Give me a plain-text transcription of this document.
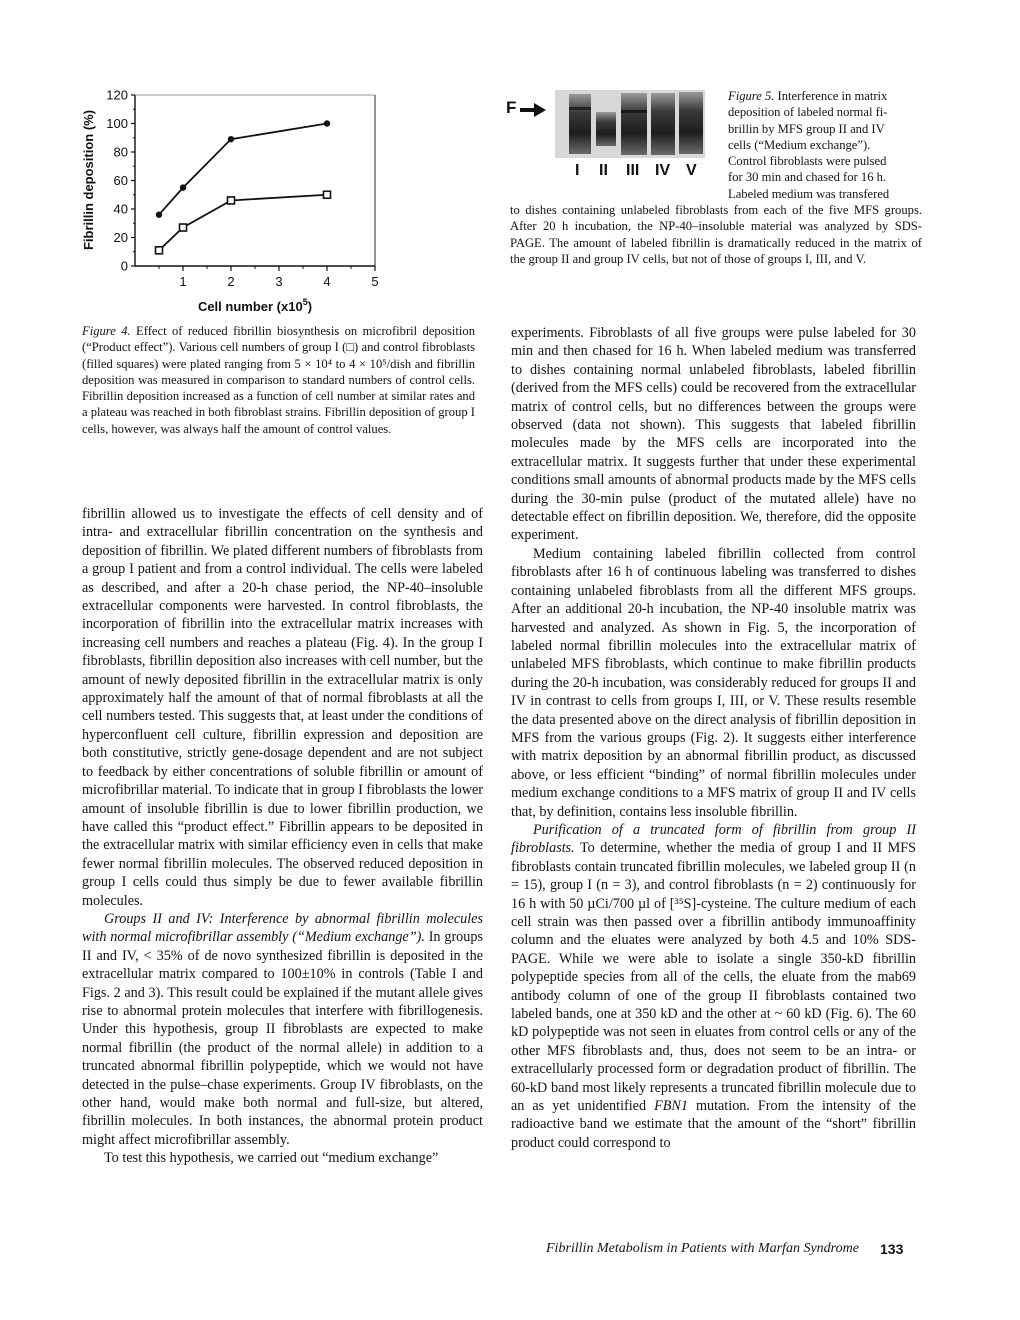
Fibrillin deposition (%)
0
20
40
60
80
100
120
1	2	3	4	5
Cell number $(x10^5)$
Figure 4. Effect of reduced fibrillin biosynthesis on microfibril deposition (“Product effect”). Various cell numbers of group I (□) and control fibroblasts (filled squares) were plated ranging from 5 × 10⁴ to 4 × 10⁵/dish and fibrillin deposition was measured in comparison to standard numbers of control cells. Fibrillin deposition increased as a function of cell number at similar rates and a plateau was reached in both fibroblast strains. Fibrillin deposition of group I cells, however, was always half the amount of control values.
F
I II III IV V
Figure 5. Interference in matrix
deposition of labeled normal fi-
brillin by MFS group II and IV
cells (“Medium exchange”).
Control fibroblasts were pulsed
for 30 min and chased for 16 h.
Labeled medium was transfered
to dishes containing unlabeled fibroblasts from each of the five MFS groups. After 20 h incubation, the NP-40–insoluble material was analyzed by SDS-PAGE. The amount of labeled fibrillin is dramatically reduced in the matrix of the group II and group IV cells, but not of those of groups I, III, and V.

fibrillin allowed us to investigate the effects of cell density and of intra- and extracellular fibrillin concentration on the synthesis and deposition of fibrillin. We plated different numbers of fibroblasts from a group I patient and from a control individual. The cells were labeled as described, and after a 20-h chase period, the NP-40–insoluble extracellular components were harvested. In control fibroblasts, the incorporation of fibrillin into the extracellular matrix increases with increasing cell numbers and reaches a plateau (Fig. 4). In the group I fibroblasts, fibrillin deposition also increases with cell number, but the amount of newly deposited fibrillin in the extracellular matrix is only approximately half the amount of that of normal fibroblasts at all the cell numbers tested. This suggests that, at least under the conditions of hyperconfluent cell culture, fibrillin expression and deposition are both constitutive, strictly gene-dosage dependent and are not subject to feedback by either concentrations of soluble fibrillin or amount of microfibrillar material. To indicate that in group I fibroblasts the lower amount of insoluble fibrillin is due to lower fibrillin production, we have called this “product effect.” Fibrillin appears to be deposited in the extracellular matrix with similar efficiency even in cells that make fewer normal fibrillin molecules. The observed reduced deposition in group I cells could thus simply be due to fewer available fibrillin molecules.

Groups II and IV: Interference by abnormal fibrillin molecules with normal microfibrillar assembly (“Medium exchange”). In groups II and IV, < 35% of de novo synthesized fibrillin is deposited in the extracellular matrix compared to 100±10% in controls (Table I and Figs. 2 and 3). This result could be explained if the mutant allele gives rise to abnormal protein molecules that interfere with fibrillogenesis. Under this hypothesis, group II fibroblasts are expected to make normal fibrillin (the product of the normal allele) in addition to a truncated abnormal fibrillin polypeptide, which we would not have detected in the pulse–chase experiments. Group IV fibroblasts, on the other hand, would make both normal and full-size, but altered, fibrillin molecules. In both instances, the abnormal protein product might affect microfibrillar assembly.

To test this hypothesis, we carried out “medium exchange”

experiments. Fibroblasts of all five groups were pulse labeled for 30 min and then chased for 16 h. When labeled medium was transferred to dishes containing normal unlabeled fibroblasts, labeled fibrillin (derived from the MFS cells) could be recovered from the extracellular matrix of control cells, but no differences between the groups were observed (data not shown). This suggests that labeled fibrillin molecules made by the MFS cells are incorporated into the extracellular matrix. It suggests further that under these experimental conditions small amounts of abnormal products made by the MFS cells during the 30-min pulse (product of the mutated allele) have no detectable effect on fibrillin deposition. We, therefore, did the opposite experiment.

Medium containing labeled fibrillin collected from control fibroblasts after 16 h of continuous labeling was transferred to dishes containing unlabeled fibroblasts from all the different MFS groups. After an additional 20-h incubation, the NP-40 insoluble matrix was harvested and analyzed. As shown in Fig. 5, the incorporation of labeled normal fibrillin molecules into the extracellular matrix of unlabeled MFS fibroblasts, which continue to make fibrillin products during the 20-h incubation, was considerably reduced for groups II and IV in contrast to cells from groups I, III, or V. These results resemble the data presented above on the direct analysis of fibrillin deposition in MFS from the various groups (Fig. 2). It suggests either interference with matrix deposition by an abnormal fibrillin product, as discussed above, or less efficient “binding” of normal fibrillin molecules under medium exchange conditions to a MFS matrix of group II and IV cells that, by definition, contains less insoluble fibrillin.

Purification of a truncated form of fibrillin from group II fibroblasts. To determine, whether the media of group I and II MFS fibroblasts contain truncated fibrillin molecules, we labeled group II (n = 15), group I (n = 3), and control fibroblasts (n = 2) continuously for 16 h with 50 µCi/700 µl of [³⁵S]-cysteine. The culture medium of each cell strain was then passed over a fibrillin antibody immunoaffinity column and the eluates were analyzed by both 4.5 and 10% SDS-PAGE. While we were able to isolate a single 350-kD fibrillin polypeptide species from all of the cells, the eluate from the mab69 antibody column of one of the group II fibroblasts contained two labeled bands, one at 350 kD and the other at ~ 60 kD (Fig. 6). The 60 kD polypeptide was not seen in eluates from control cells or any of the other MFS fibroblasts and, thus, does not seem to be an intra- or extracellularly processed form or degradation product of fibrillin. The 60-kD band most likely represents a truncated fibrillin molecule due to an as yet unidentified FBN1 mutation. From the intensity of the radioactive band we estimate that the amount of the “short” fibrillin product could correspond to

Fibrillin Metabolism in Patients with Marfan Syndrome 133
